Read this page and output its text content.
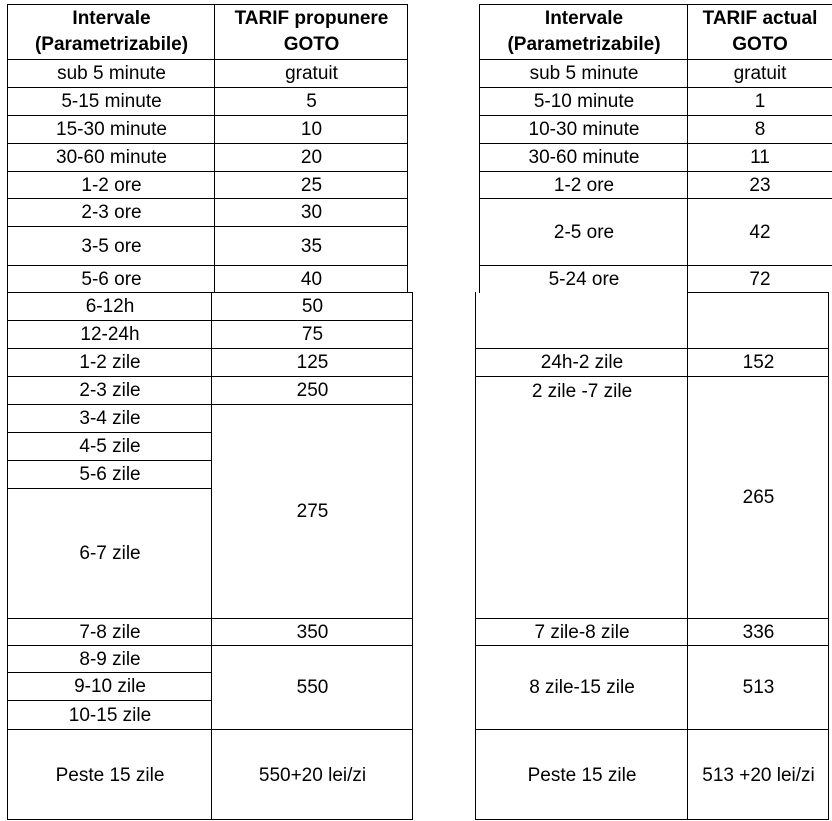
Intervale (Parametrizabile)
TARIF propunere GOTO
sub 5 minute
5-15 minute
15-30 minute
30-60 minute
1-2 ore
2-3 ore
3-5 ore
5-6 ore
6-12h
12-24h
1-2 zile
2-3 zile
3-4 zile
4-5 zile
5-6 zile
6-7 zile
7-8 zile
8-9 zile
9-10 zile
10-15 zile
Peste 15 zile
gratuit
5
10
20
25
30
35
40
50
75
125
250
275
350
550
550+20 lei/zi
Intervale (Parametrizabile)
TARIF actual GOTO
sub 5 minute
5-10 minute
10-30 minute
30-60 minute
1-2 ore
2-5 ore
5-24 ore
24h-2 zile
2 zile -7 zile
7 zile-8 zile
8 zile-15 zile
Peste 15 zile
gratuit
1
8
11
23
42
72
152
265
336
513
513 +20 lei/zi
